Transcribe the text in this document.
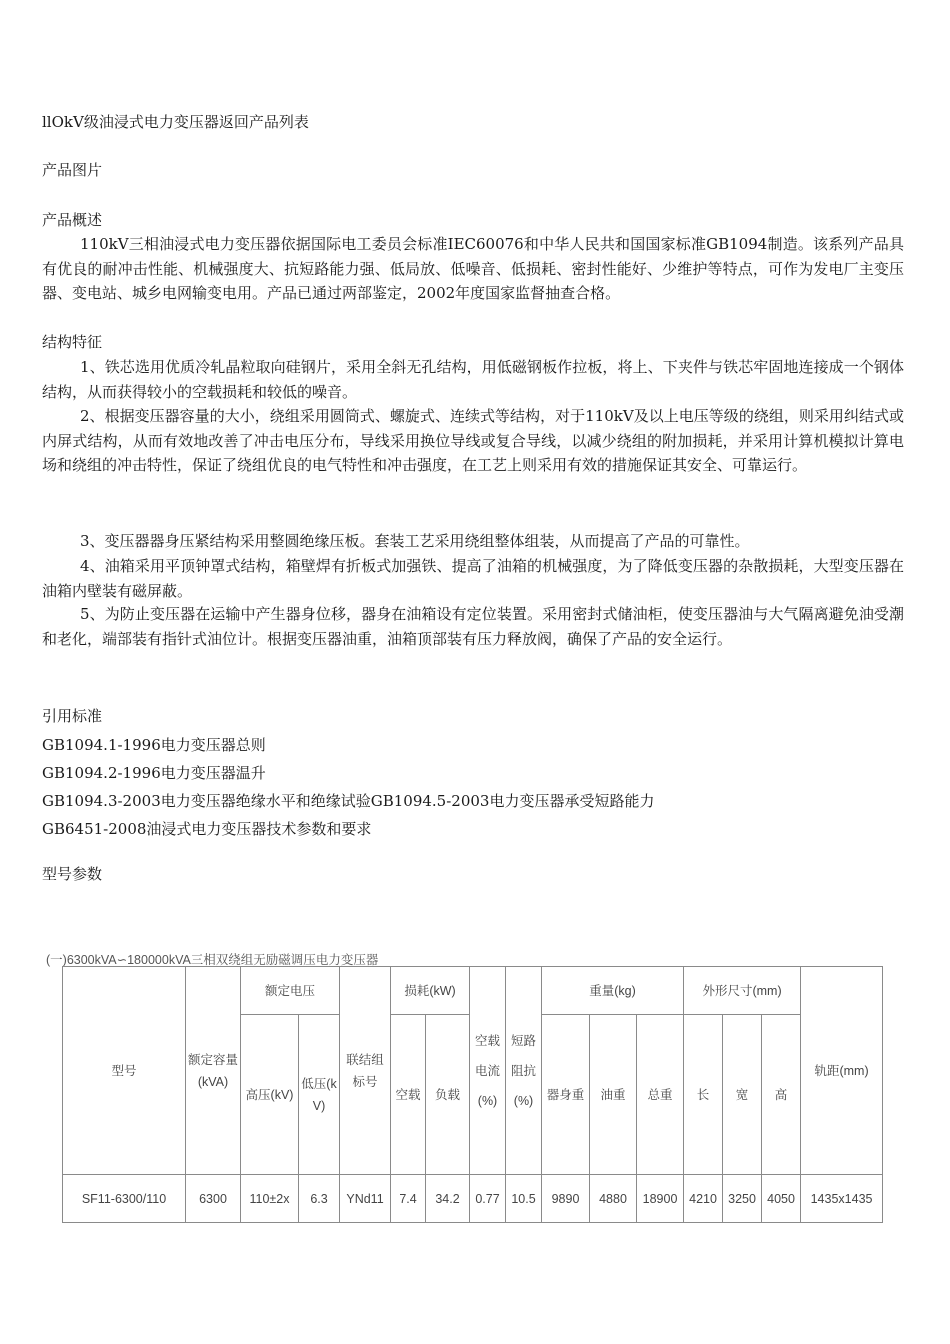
llOkV级油浸式电力变压器返回产品列表
产品图片
产品概述

110kV三相油浸式电力变压器依据国际电工委员会标准IEC60076和中华人民共和国国家标准GB1094制造。该系列产品具有优良的耐冲击性能、机械强度大、抗短路能力强、低局放、低噪音、低损耗、密封性能好、少维护等特点，可作为发电厂主变压器、变电站、城乡电网输变电用。产品已通过两部鉴定，2002年度国家监督抽查合格。

结构特征

1、铁芯选用优质冷轧晶粒取向硅钢片，采用全斜无孔结构，用低磁钢板作拉板，将上、下夹件与铁芯牢固地连接成一个钢体结构，从而获得较小的空载损耗和较低的噪音。

2、根据变压器容量的大小，绕组采用圆筒式、螺旋式、连续式等结构，对于110kV及以上电压等级的绕组，则采用纠结式或内屏式结构，从而有效地改善了冲击电压分布，导线采用换位导线或复合导线，以减少绕组的附加损耗，并采用计算机模拟计算电场和绕组的冲击特性，保证了绕组优良的电气特性和冲击强度，在工艺上则采用有效的措施保证其安全、可靠运行。

3、变压器器身压紧结构采用整圆绝缘压板。套装工艺采用绕组整体组装，从而提高了产品的可靠性。

4、油箱采用平顶钟罩式结构，箱壁焊有折板式加强铁、提高了油箱的机械强度，为了降低变压器的杂散损耗，大型变压器在油箱内壁装有磁屏蔽。

5、为防止变压器在运输中产生器身位移，器身在油箱设有定位装置。采用密封式储油柜，使变压器油与大气隔离避免油受潮和老化，端部装有指针式油位计。根据变压器油重，油箱顶部装有压力释放阀，确保了产品的安全运行。

引用标准
GB1094.1-1996电力变压器总则
GB1094.2-1996电力变压器温升
GB1094.3-2003电力变压器绝缘水平和绝缘试验GB1094.5-2003电力变压器承受短路能力
GB6451-2008油浸式电力变压器技术参数和要求
型号参数
(一)6300kVA∽180000kVA三相双绕组无励磁调压电力变压器
型号	额定容量(kVA)	额定电压		联结组标号	损耗(kW)		空载电流(%)	短路阻抗(%)	重量(kg)			外形尺寸(mm)			轨距(mm)
		高压(kV)	低压(kV)		空载	负载			器身重	油重	总重	长	宽	高	
SF11-6300/110	6300	110±2x	6.3	YNd11	7.4	34.2	0.77	10.5	9890	4880	18900	4210	3250	4050	1435x1435
